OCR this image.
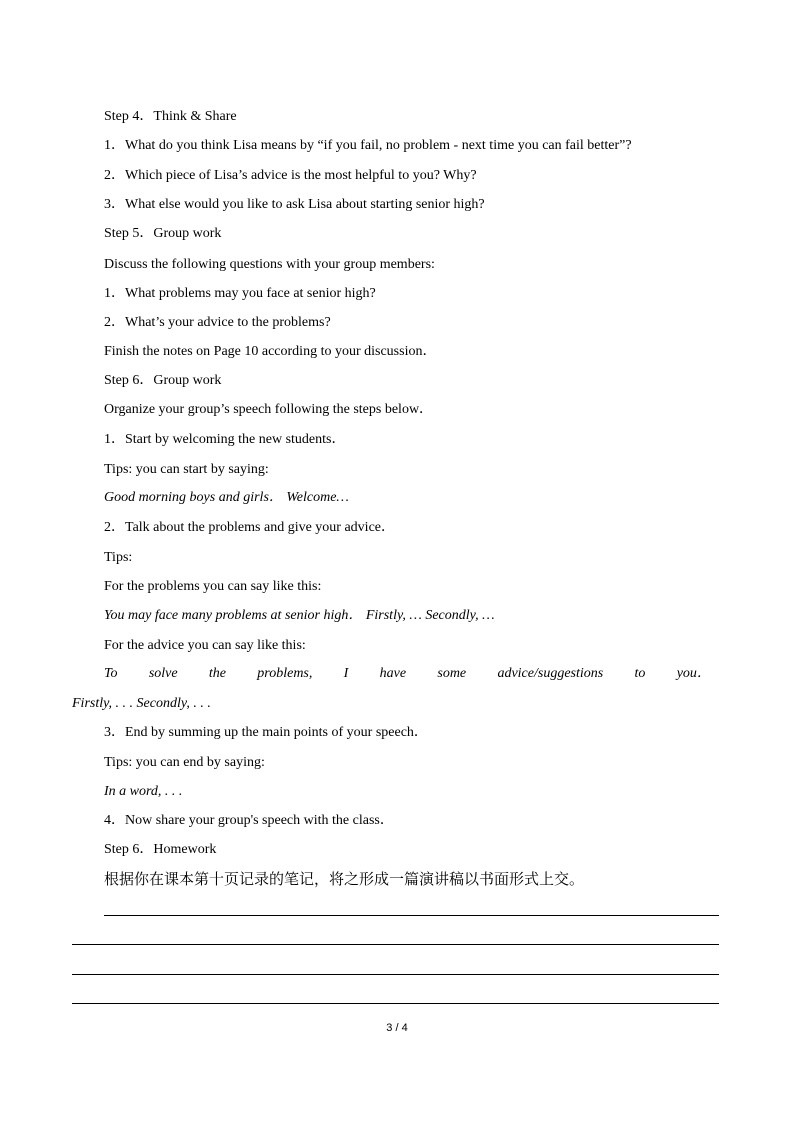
Step 4．Think & Share
1．What do you think Lisa means by “if you fail, no problem - next time you can fail better”?
2．Which piece of Lisa’s advice is the most helpful to you? Why?
3．What else would you like to ask Lisa about starting senior high?
Step 5．Group work
Discuss the following questions with your group members:
1．What problems may you face at senior high?
2．What’s your advice to the problems?
Finish the notes on Page 10 according to your discussion．
Step 6．Group work
Organize your group’s speech following the steps below．
1．Start by welcoming the new students．
Tips: you can start by saying:
Good morning boys and girls． Welcome…
2．Talk about the problems and give your advice．
Tips:
For the problems you can say like this:
You may face many problems at senior high． Firstly, … Secondly, …
For the advice you can say like this:
To solve the problems, I have some advice/suggestions to you．
Firstly, . . . Secondly, . . .
3．End by summing up the main points of your speech．
Tips: you can end by saying:
In a word, . . .
4．Now share your group's speech with the class．
Step 6．Homework
根据你在课本第十页记录的笔记，将之形成一篇演讲稿以书面形式上交。
3 / 4
